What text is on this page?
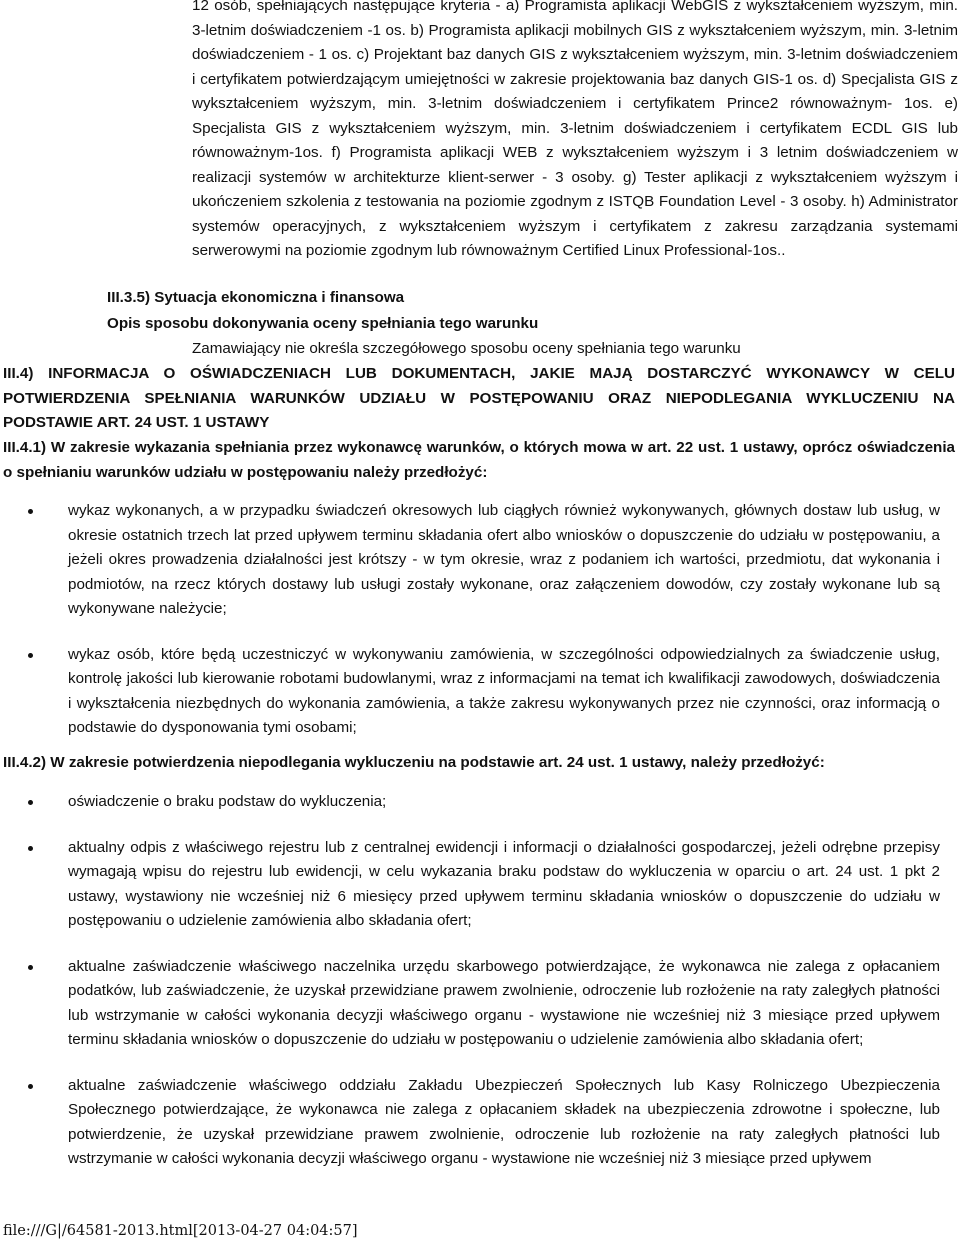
12 osób, spełniających następujące kryteria - a) Programista aplikacji WebGIS z wykształceniem wyższym, min. 3-letnim doświadczeniem -1 os. b) Programista aplikacji mobilnych GIS z wykształceniem wyższym, min. 3-letnim doświadczeniem - 1 os. c) Projektant baz danych GIS z wykształceniem wyższym, min. 3-letnim doświadczeniem i certyfikatem potwierdzającym umiejętności w zakresie projektowania baz danych GIS-1 os. d) Specjalista GIS z wykształceniem wyższym, min. 3-letnim doświadczeniem i certyfikatem Prince2 równoważnym- 1os. e) Specjalista GIS z wykształceniem wyższym, min. 3-letnim doświadczeniem i certyfikatem ECDL GIS lub równoważnym-1os. f) Programista aplikacji WEB z wykształceniem wyższym i 3 letnim doświadczeniem w realizacji systemów w architekturze klient-serwer - 3 osoby. g) Tester aplikacji z wykształceniem wyższym i ukończeniem szkolenia z testowania na poziomie zgodnym z ISTQB Foundation Level - 3 osoby. h) Administrator systemów operacyjnych, z wykształceniem wyższym i certyfikatem z zakresu zarządzania systemami serwerowymi na poziomie zgodnym lub równoważnym Certified Linux Professional-1os..

III.3.5) Sytuacja ekonomiczna i finansowa

Opis sposobu dokonywania oceny spełniania tego warunku

Zamawiający nie określa szczegółowego sposobu oceny spełniania tego warunku

III.4) INFORMACJA O OŚWIADCZENIACH LUB DOKUMENTACH, JAKIE MAJĄ DOSTARCZYĆ WYKONAWCY W CELU POTWIERDZENIA SPEŁNIANIA WARUNKÓW UDZIAŁU W POSTĘPOWANIU ORAZ NIEPODLEGANIA WYKLUCZENIU NA PODSTAWIE ART. 24 UST. 1 USTAWY

III.4.1) W zakresie wykazania spełniania przez wykonawcę warunków, o których mowa w art. 22 ust. 1 ustawy, oprócz oświadczenia o spełnianiu warunków udziału w postępowaniu należy przedłożyć:

wykaz wykonanych, a w przypadku świadczeń okresowych lub ciągłych również wykonywanych, głównych dostaw lub usług, w okresie ostatnich trzech lat przed upływem terminu składania ofert albo wniosków o dopuszczenie do udziału w postępowaniu, a jeżeli okres prowadzenia działalności jest krótszy - w tym okresie, wraz z podaniem ich wartości, przedmiotu, dat wykonania i podmiotów, na rzecz których dostawy lub usługi zostały wykonane, oraz załączeniem dowodów, czy zostały wykonane lub są wykonywane należycie;
wykaz osób, które będą uczestniczyć w wykonywaniu zamówienia, w szczególności odpowiedzialnych za świadczenie usług, kontrolę jakości lub kierowanie robotami budowlanymi, wraz z informacjami na temat ich kwalifikacji zawodowych, doświadczenia i wykształcenia niezbędnych do wykonania zamówienia, a także zakresu wykonywanych przez nie czynności, oraz informacją o podstawie do dysponowania tymi osobami;

III.4.2) W zakresie potwierdzenia niepodlegania wykluczeniu na podstawie art. 24 ust. 1 ustawy, należy przedłożyć:

oświadczenie o braku podstaw do wykluczenia;
aktualny odpis z właściwego rejestru lub z centralnej ewidencji i informacji o działalności gospodarczej, jeżeli odrębne przepisy wymagają wpisu do rejestru lub ewidencji, w celu wykazania braku podstaw do wykluczenia w oparciu o art. 24 ust. 1 pkt 2 ustawy, wystawiony nie wcześniej niż 6 miesięcy przed upływem terminu składania wniosków o dopuszczenie do udziału w postępowaniu o udzielenie zamówienia albo składania ofert;
aktualne zaświadczenie właściwego naczelnika urzędu skarbowego potwierdzające, że wykonawca nie zalega z opłacaniem podatków, lub zaświadczenie, że uzyskał przewidziane prawem zwolnienie, odroczenie lub rozłożenie na raty zaległych płatności lub wstrzymanie w całości wykonania decyzji właściwego organu - wystawione nie wcześniej niż 3 miesiące przed upływem terminu składania wniosków o dopuszczenie do udziału w postępowaniu o udzielenie zamówienia albo składania ofert;
aktualne zaświadczenie właściwego oddziału Zakładu Ubezpieczeń Społecznych lub Kasy Rolniczego Ubezpieczenia Społecznego potwierdzające, że wykonawca nie zalega z opłacaniem składek na ubezpieczenia zdrowotne i społeczne, lub potwierdzenie, że uzyskał przewidziane prawem zwolnienie, odroczenie lub rozłożenie na raty zaległych płatności lub wstrzymanie w całości wykonania decyzji właściwego organu - wystawione nie wcześniej niż 3 miesiące przed upływem

file:///G|/64581-2013.html[2013-04-27 04:04:57]
